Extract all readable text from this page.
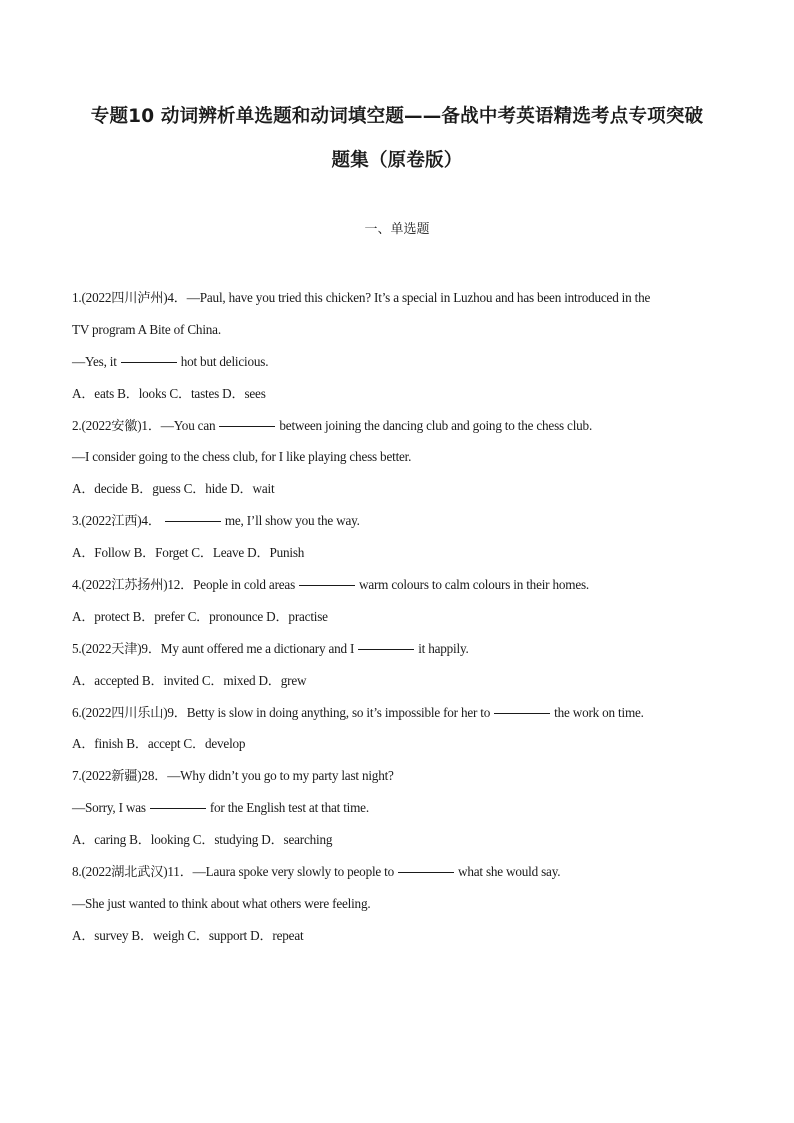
专题10 动词辨析单选题和动词填空题——备战中考英语精选考点专项突破
题集（原卷版）
一、单选题
1.(2022四川泸州)4．—Paul, have you tried this chicken? It’s a special in Luzhou and has been introduced in the
TV program A Bite of China.
—Yes, it	hot but delicious.
A．eats B．looks C．tastes D．sees
2.(2022安徽)1．—You can	between joining the dancing club and going to the chess club.
—I consider going to the chess club, for I like playing chess better.
A．decide B．guess C．hide D．wait
3.(2022江西)4．	me, I’ll show you the way.
A．Follow B．Forget C．Leave D．Punish
4.(2022江苏扬州)12．People in cold areas	warm colours to calm colours in their homes.
A．protect B．prefer C．pronounce D．practise
5.(2022天津)9．My aunt offered me a dictionary and I	it happily.
A．accepted B．invited C．mixed D．grew
6.(2022四川乐山)9．Betty is slow in doing anything, so it’s impossible for her to	the work on time.
A．finish B．accept C．develop
7.(2022新疆)28．—Why didn’t you go to my party last night?
—Sorry, I was	for the English test at that time.
A．caring B．looking C．studying D．searching
8.(2022湖北武汉)11．—Laura spoke very slowly to people to	what she would say.
—She just wanted to think about what others were feeling.
A．survey B．weigh C．support D．repeat
